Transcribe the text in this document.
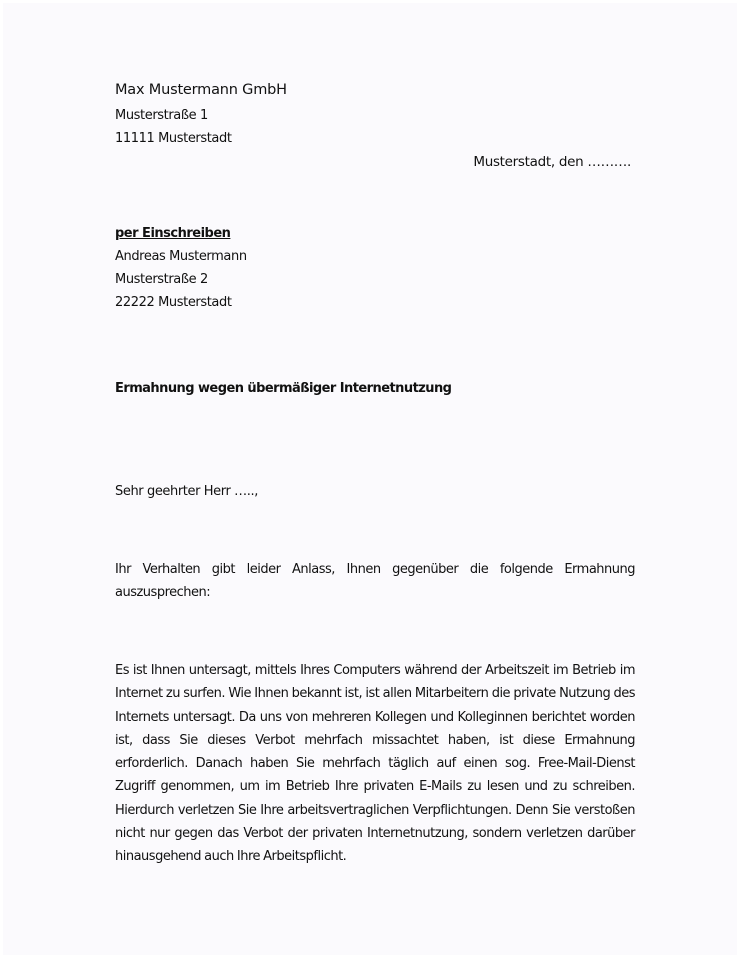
Max Mustermann GmbH
Musterstraße 1
11111 Musterstadt
Musterstadt, den ……….
per Einschreiben
Andreas Mustermann
Musterstraße 2
22222 Musterstadt
Ermahnung wegen übermäßiger Internetnutzung
Sehr geehrter Herr …..,
Ihr Verhalten gibt leider Anlass, Ihnen gegenüber die folgende Ermahnung auszusprechen:
Es ist Ihnen untersagt, mittels Ihres Computers während der Arbeitszeit im Betrieb im Internet zu surfen. Wie Ihnen bekannt ist, ist allen Mitarbeitern die private Nutzung des Internets untersagt. Da uns von mehreren Kollegen und Kolleginnen berichtet worden ist, dass Sie dieses Verbot mehrfach missachtet haben, ist diese Ermahnung erforderlich. Danach haben Sie mehrfach täglich auf einen sog. Free-Mail-Dienst Zugriff genommen, um im Betrieb Ihre privaten E-Mails zu lesen und zu schreiben. Hierdurch verletzen Sie Ihre arbeitsvertraglichen Verpflichtungen. Denn Sie verstoßen nicht nur gegen das Verbot der privaten Internetnutzung, sondern verletzen darüber hinausgehend auch Ihre Arbeitspflicht.
